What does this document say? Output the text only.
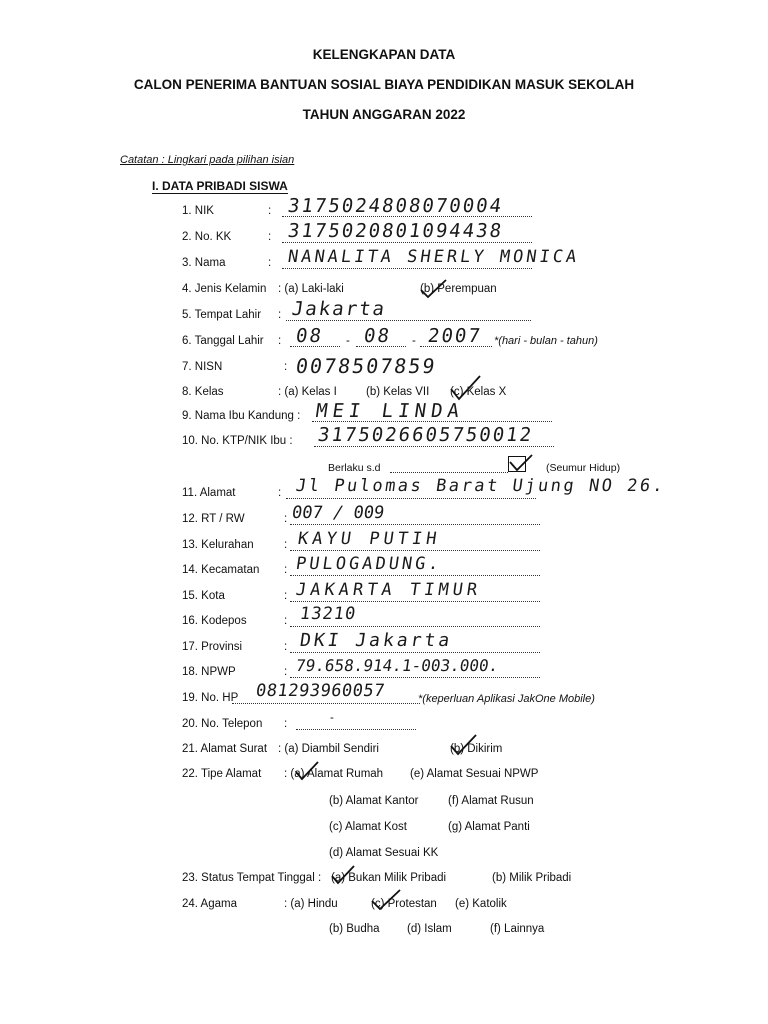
KELENGKAPAN DATA
CALON PENERIMA BANTUAN SOSIAL BIAYA PENDIDIKAN MASUK SEKOLAH
TAHUN ANGGARAN 2022
Catatan : Lingkari pada pilihan isian
I. DATA PRIBADI SISWA
1. NIK	: 3175024808070004
2. No. KK	: 3175020801094438
3. Nama	: NANALITA SHERLY MONICA
4. Jenis Kelamin : (a) Laki-laki	(b) Perempuan
5. Tempat Lahir : Jakarta
6. Tanggal Lahir : 08 - 08 - 2007 *(hari - bulan - tahun)
7. NISN	: 0078507859
8. Kelas	: (a) Kelas I	(b) Kelas VII (c) Kelas X
9. Nama Ibu Kandung : MEI LINDA
10. No. KTP/NIK Ibu : 3175026605750012
Berlaku s.d	(Seumur Hidup)
11. Alamat	: Jl Pulomas Barat Ujung NO 26.
12. RT / RW	: 007 / 009
13. Kelurahan	: KAYU PUTIH
14. Kecamatan : PULOGADUNG.
15. Kota	: JAKARTA TIMUR
16. Kodepos	: 13210
17. Provinsi	: DKI Jakarta
18. NPWP	: 79.658.914.1-003.000.
19. No. HP 081293960057	*(keperluan Aplikasi JakOne Mobile)
20. No. Telepon :	-
21. Alamat Surat : (a) Diambil Sendiri	(b) Dikirim
22. Tipe Alamat : (a) Alamat Rumah (e) Alamat Sesuai NPWP
(b) Alamat Kantor	(f) Alamat Rusun
(c) Alamat Kost	(g) Alamat Panti
(d) Alamat Sesuai KK
23. Status Tempat Tinggal : (a) Bukan Milik Pribadi	(b) Milik Pribadi
24. Agama	: (a) Hindu	(c) Protestan (e) Katolik
(b) Budha (d) Islam	(f) Lainnya
